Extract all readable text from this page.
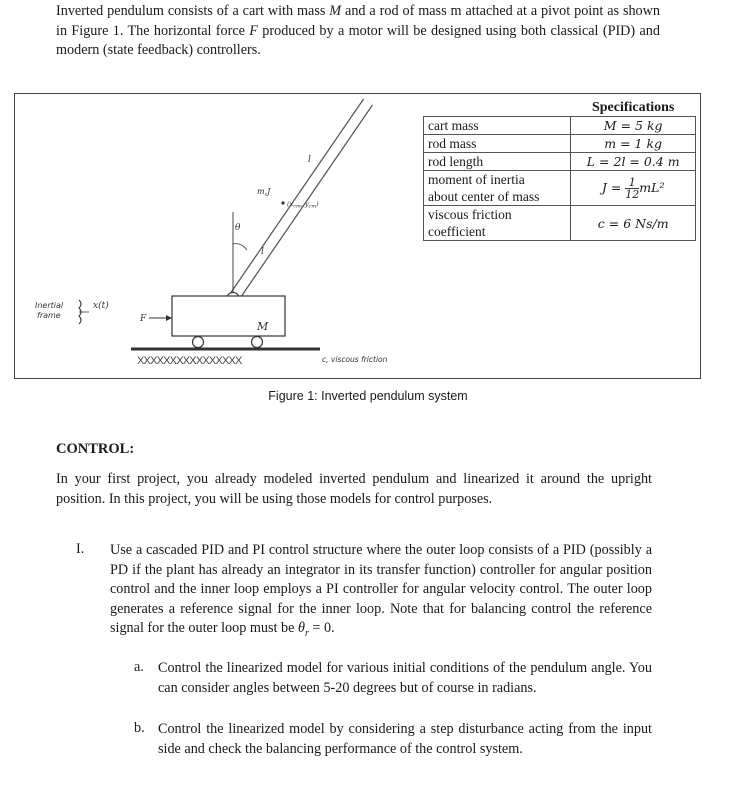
Inverted pendulum consists of a cart with mass M and a rod of mass m attached at a pivot point as shown in Figure 1. The horizontal force F produced by a motor will be designed using both classical (PID) and modern (state feedback) controllers.

Inertial
frame
x(t)
θ
l
l
m,J
($x_{cm}$, $y_{cm}$)
M
F
XXXXXXXXXXXXXXXX	c, viscous friction
	Specifications
cart mass	M = 5 kg
rod mass	m = 1 kg
rod length	L = 2l = 0.4 m
moment of inertia
about center of mass	$J = \frac{1}{12} mL^2$
viscous friction
coefficient	c = 6 Ns/m
Figure 1: Inverted pendulum system
CONTROL:

In your first project, you already modeled inverted pendulum and linearized it around the upright position. In this project, you will be using those models for control purposes.

I. Use a cascaded PID and PI control structure where the outer loop consists of a PID (possibly a PD if the plant has already an integrator in its transfer function) controller for angular position control and the inner loop employs a PI controller for angular velocity control. The outer loop generates a reference signal for the inner loop. Note that for balancing control the reference signal for the outer loop must be $\theta_r = 0$.

a. Control the linearized model for various initial conditions of the pendulum angle. You can consider angles between 5-20 degrees but of course in radians.

b. Control the linearized model by considering a step disturbance acting from the input side and check the balancing performance of the control system.
